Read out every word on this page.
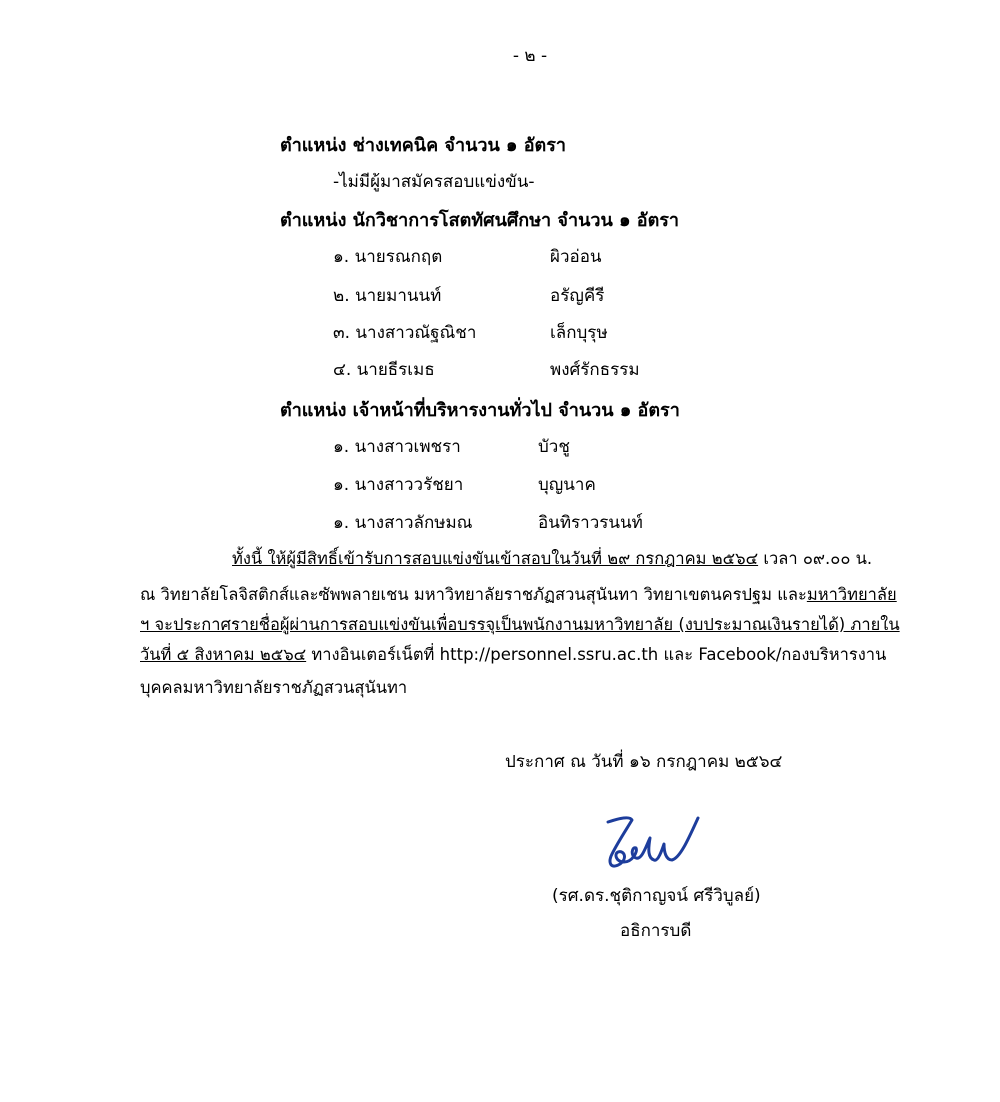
- ๒ -
ตำแหน่ง ช่างเทคนิค จำนวน ๑ อัตรา
-ไม่มีผู้มาสมัครสอบแข่งขัน-
ตำแหน่ง นักวิชาการโสตทัศนศึกษา จำนวน ๑ อัตรา
๑. นายรณกฤต	ผิวอ่อน
๒. นายมานนท์	อรัญคีรี
๓. นางสาวณัฐณิชา	เล็กบุรุษ
๔. นายธีรเมธ	พงศ์รักธรรม
ตำแหน่ง เจ้าหน้าที่บริหารงานทั่วไป จำนวน ๑ อัตรา
๑. นางสาวเพชรา	บัวชู
๑. นางสาววรัชยา	บุญนาค
๑. นางสาวลักษมณ	อินทิราวรนนท์
ทั้งนี้ ให้ผู้มีสิทธิ์เข้ารับการสอบแข่งขันเข้าสอบในวันที่ ๒๙ กรกฎาคม ๒๕๖๔ เวลา ๐๙.๐๐ น.
ณ วิทยาลัยโลจิสติกส์และซัพพลายเชน มหาวิทยาลัยราชภัฏสวนสุนันทา วิทยาเขตนครปฐม และมหาวิทยาลัย
ฯ จะประกาศรายชื่อผู้ผ่านการสอบแข่งขันเพื่อบรรจุเป็นพนักงานมหาวิทยาลัย (งบประมาณเงินรายได้) ภายใน
วันที่ ๕ สิงหาคม ๒๕๖๔ ทางอินเตอร์เน็ตที่ http://personnel.ssru.ac.th และ Facebook/กองบริหารงาน
บุคคลมหาวิทยาลัยราชภัฏสวนสุนันทา
ประกาศ ณ วันที่ ๑๖ กรกฎาคม ๒๕๖๔
(รศ.ดร.ชุติกาญจน์ ศรีวิบูลย์)
อธิการบดี
